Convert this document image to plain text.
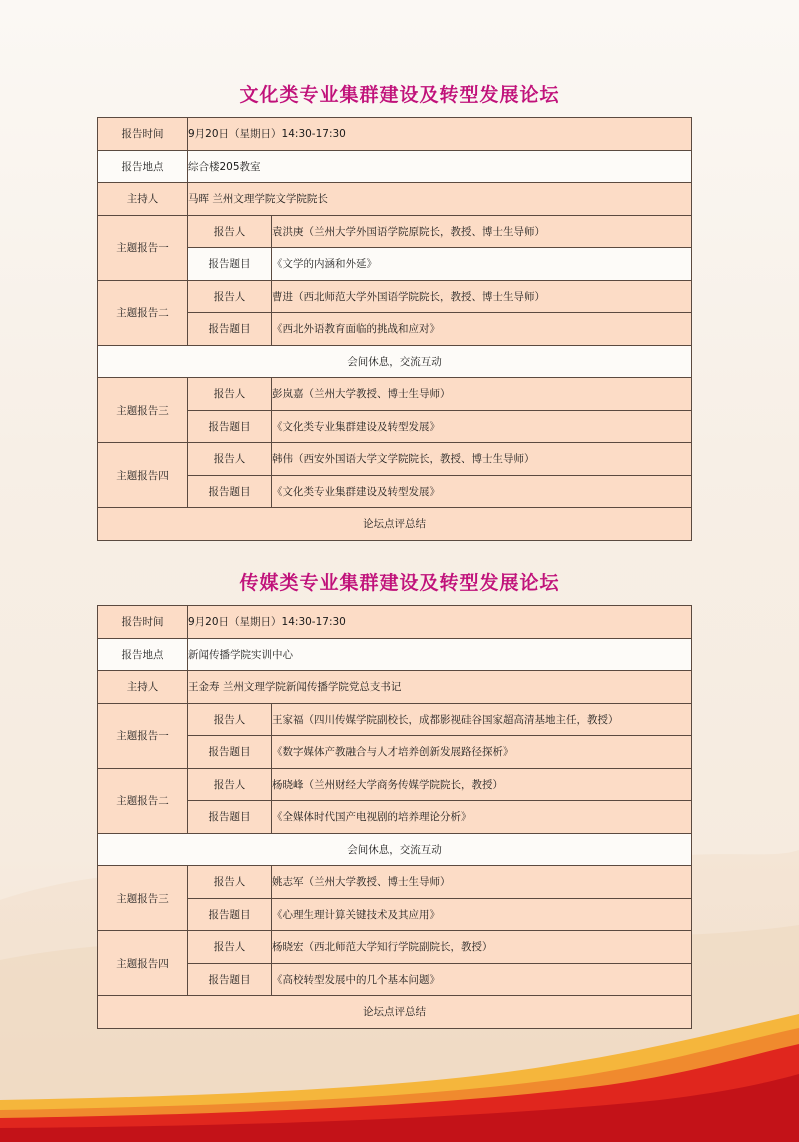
文化类专业集群建设及转型发展论坛
报告时间	9月20日（星期日）14:30-17:30	
报告地点	综合楼205教室	
主持人	马晖 兰州文理学院文学院院长	
主题报告一	报告人	袁洪庚（兰州大学外国语学院原院长，教授、博士生导师）
	报告题目	《文学的内涵和外延》
主题报告二	报告人	曹进（西北师范大学外国语学院院长，教授、博士生导师）
	报告题目	《西北外语教育面临的挑战和应对》
会间休息，交流互动		
主题报告三	报告人	彭岚嘉（兰州大学教授、博士生导师）
	报告题目	《文化类专业集群建设及转型发展》
主题报告四	报告人	韩伟（西安外国语大学文学院院长，教授、博士生导师）
	报告题目	《文化类专业集群建设及转型发展》
论坛点评总结		
传媒类专业集群建设及转型发展论坛
报告时间	9月20日（星期日）14:30-17:30	
报告地点	新闻传播学院实训中心	
主持人	王金寿 兰州文理学院新闻传播学院党总支书记	
主题报告一	报告人	王家福（四川传媒学院副校长，成都影视硅谷国家超高清基地主任，教授）
	报告题目	《数字媒体产教融合与人才培养创新发展路径探析》
主题报告二	报告人	杨晓峰（兰州财经大学商务传媒学院院长，教授）
	报告题目	《全媒体时代国产电视剧的培养理论分析》
会间休息，交流互动		
主题报告三	报告人	姚志军（兰州大学教授、博士生导师）
	报告题目	《心理生理计算关键技术及其应用》
主题报告四	报告人	杨晓宏（西北师范大学知行学院副院长，教授）
	报告题目	《高校转型发展中的几个基本问题》
论坛点评总结		
